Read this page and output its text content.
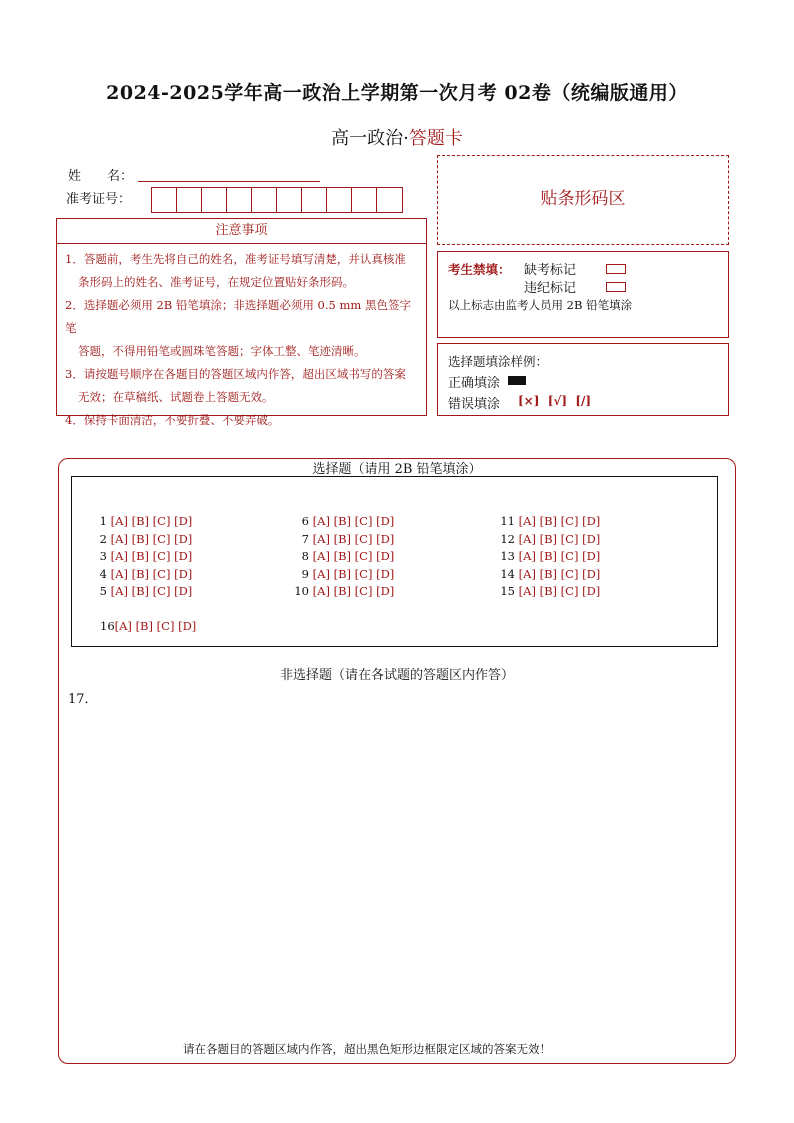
2024-2025学年高一政治上学期第一次月考 02卷（统编版通用）
高一政治·答题卡
姓　　名：
准考证号：
注意事项

1．答题前，考生先将自己的姓名，准考证号填写清楚，并认真核准

条形码上的姓名、准考证号，在规定位置贴好条形码。

2．选择题必须用 2B 铅笔填涂；非选择题必须用 0.5 mm 黑色签字笔

答题，不得用铅笔或圆珠笔答题；字体工整、笔迹清晰。

3．请按题号顺序在各题目的答题区域内作答，超出区域书写的答案

无效；在草稿纸、试题卷上答题无效。

4．保持卡面清洁，不要折叠、不要弄破。

贴条形码区
考生禁填： 缺考标记
违纪标记
以上标志由监考人员用 2B 铅笔填涂
选择题填涂样例：
正确填涂
错误填涂 [×]  [√]  [/]
选择题（请用 2B 铅笔填涂）
1 [A] [B] [C] [D]
2 [A] [B] [C] [D]
3 [A] [B] [C] [D]
4 [A] [B] [C] [D]
5 [A] [B] [C] [D]
6 [A] [B] [C] [D]
7 [A] [B] [C] [D]
8 [A] [B] [C] [D]
9 [A] [B] [C] [D]
10 [A] [B] [C] [D]
11 [A] [B] [C] [D]
12 [A] [B] [C] [D]
13 [A] [B] [C] [D]
14 [A] [B] [C] [D]
15 [A] [B] [C] [D]
16[A] [B] [C] [D]
非选择题（请在各试题的答题区内作答）
17．
请在各题目的答题区域内作答，超出黑色矩形边框限定区域的答案无效！
